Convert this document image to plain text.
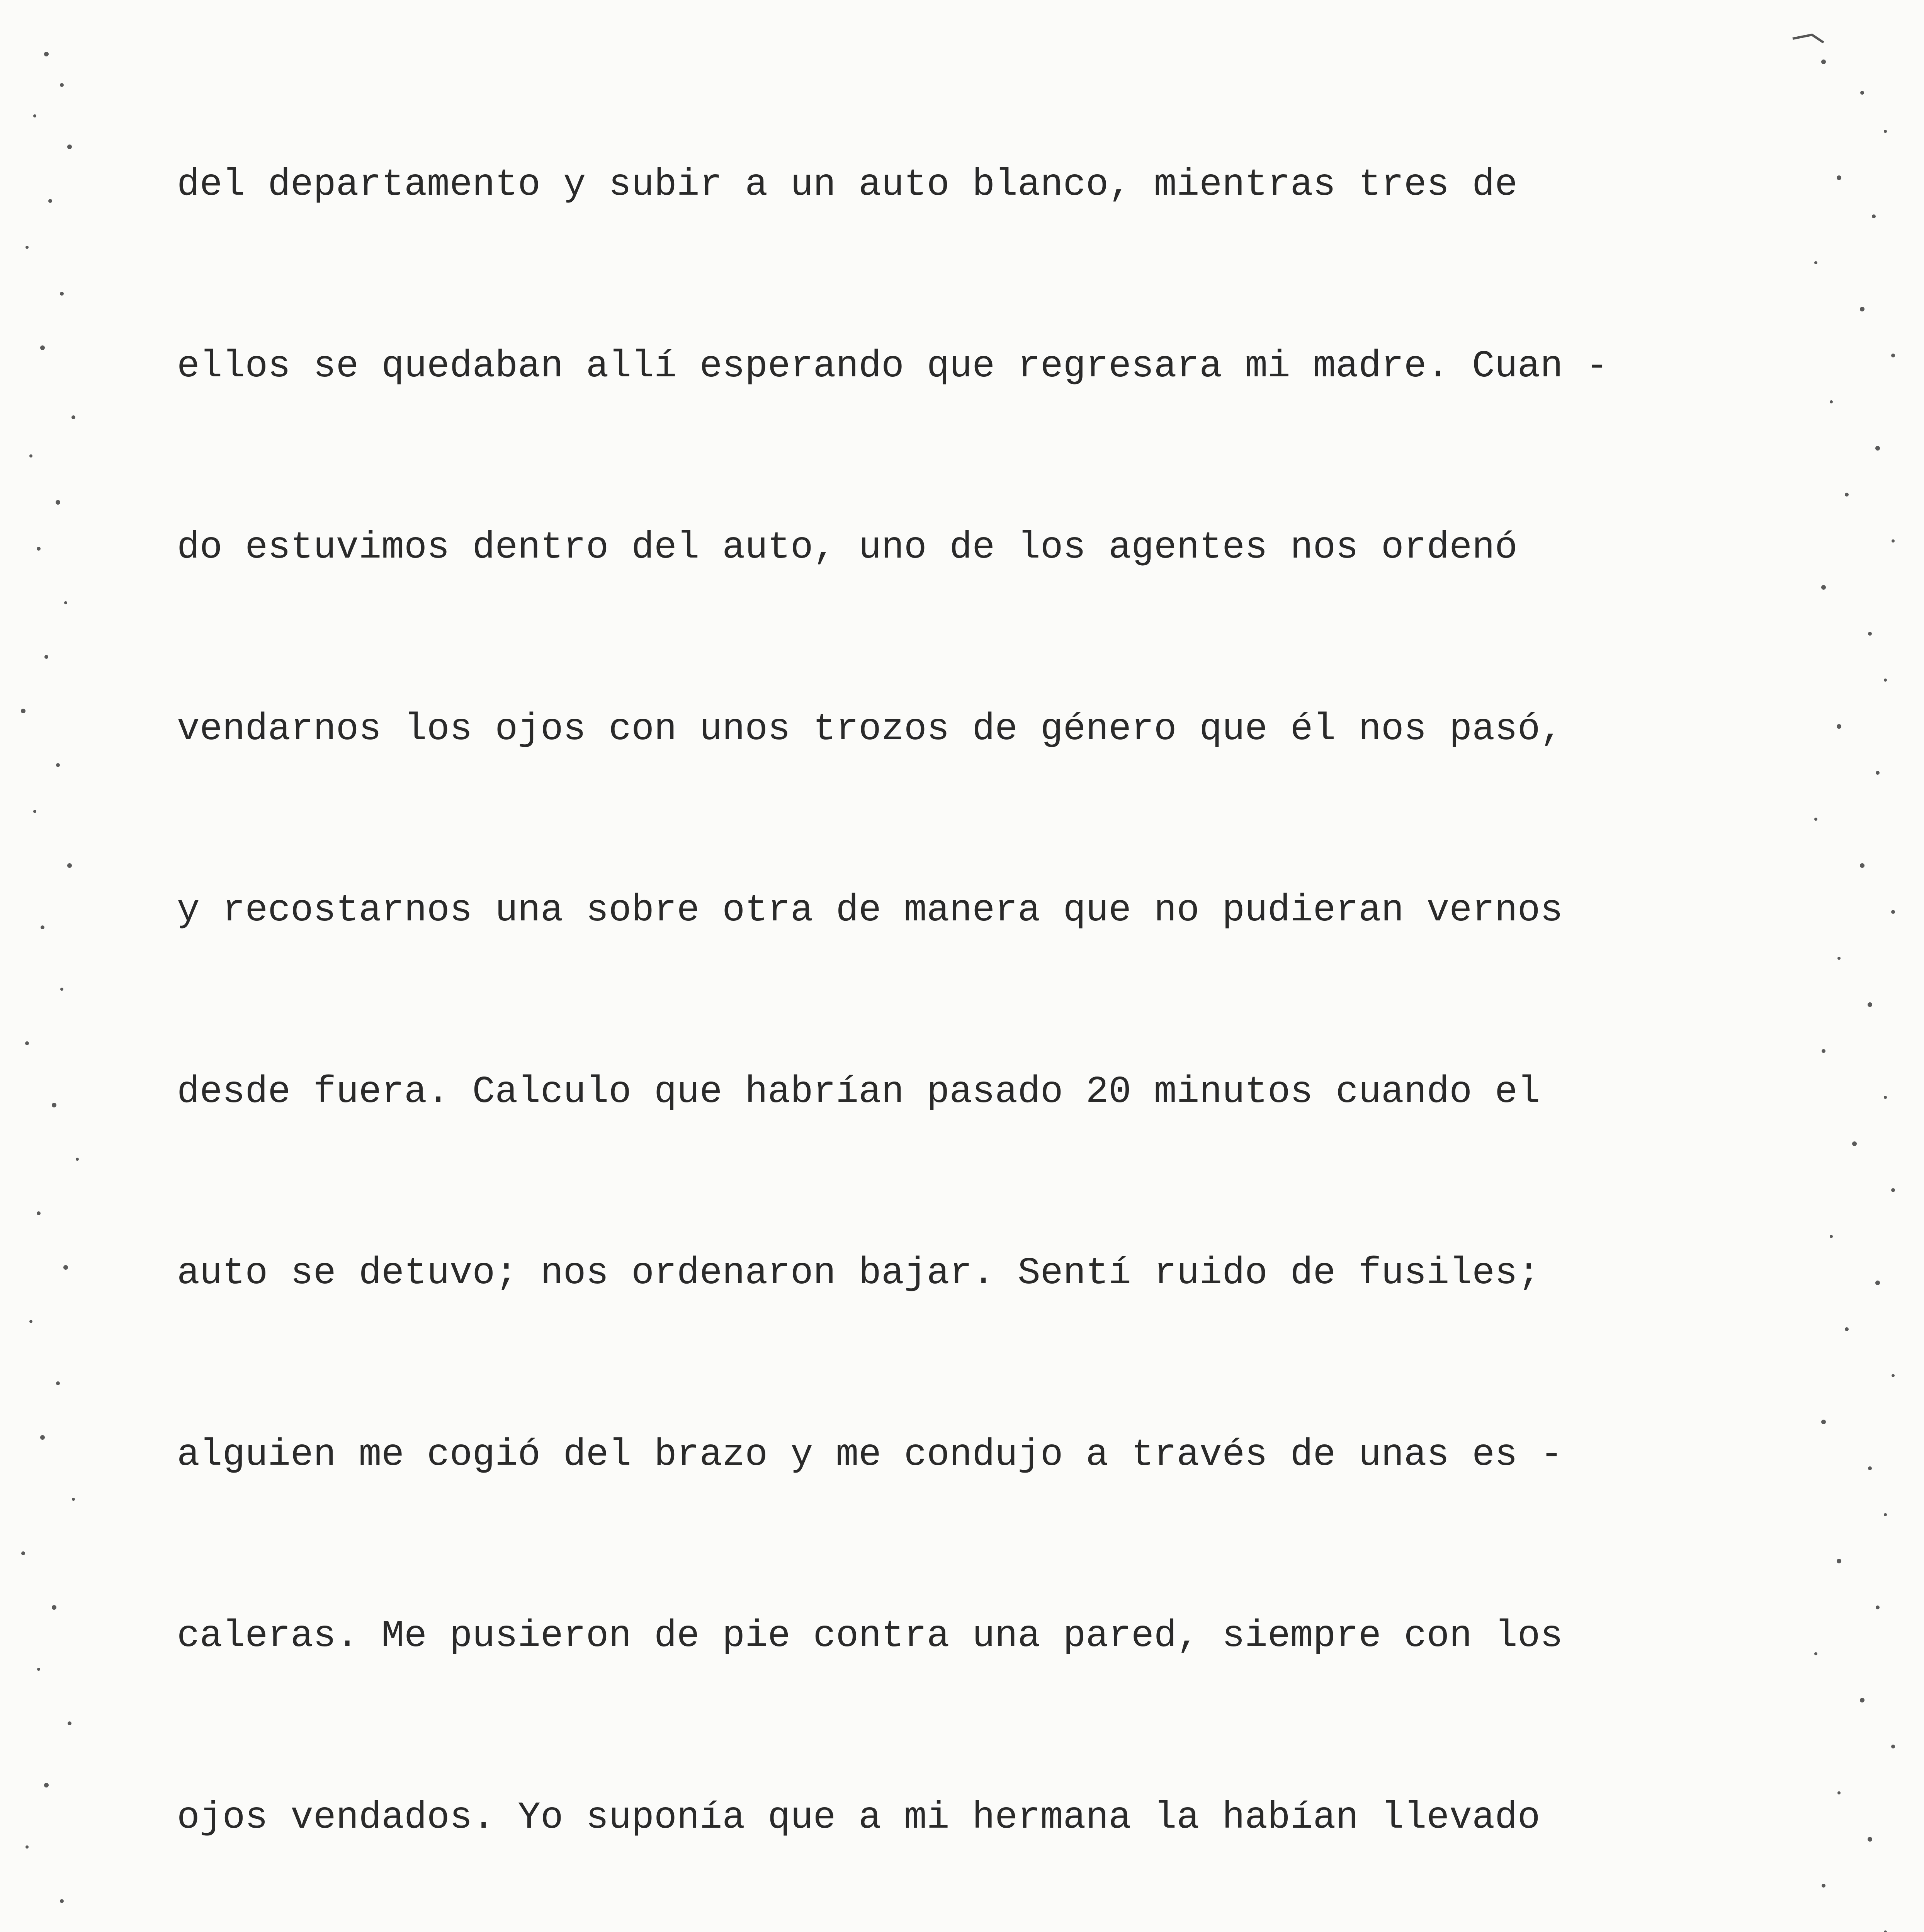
del departamento y subir a un auto blanco, mientras tres de

ellos se quedaban allí esperando que regresara mi madre. Cuan -

do estuvimos dentro del auto, uno de los agentes nos ordenó

vendarnos los ojos con unos trozos de género que él nos pasó,

y recostarnos una sobre otra de manera que no pudieran vernos

desde fuera. Calculo que habrían pasado 20 minutos cuando el

auto se detuvo; nos ordenaron bajar. Sentí ruido de fusiles;

alguien me cogió del brazo y me condujo a través de unas es -

caleras. Me pusieron de pie contra una pared, siempre con los

ojos vendados. Yo suponía que a mi hermana la habían llevado
